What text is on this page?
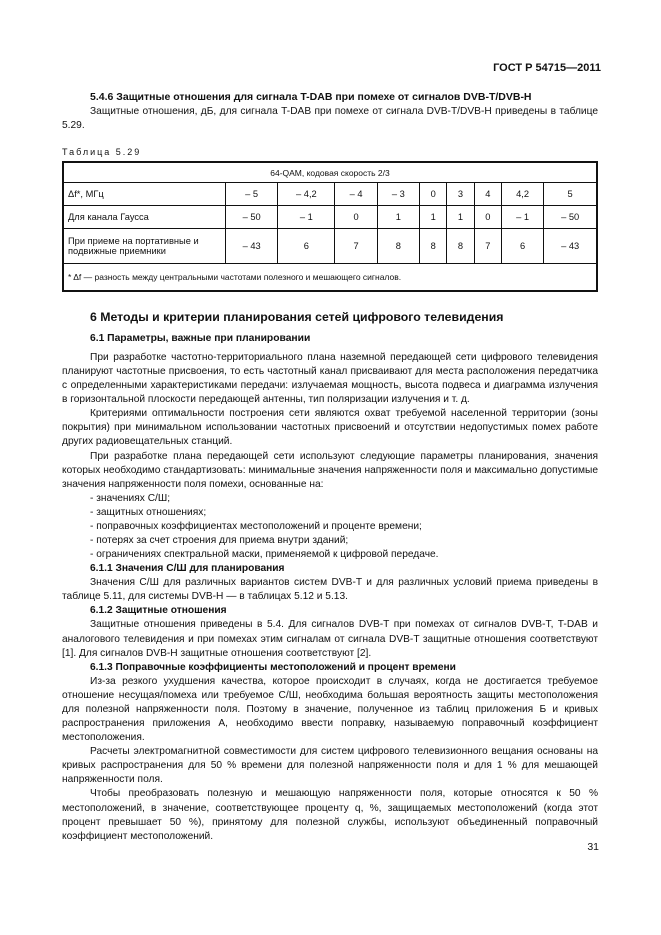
ГОСТ Р 54715—2011
5.4.6 Защитные отношения для сигнала T-DAB при помехе от сигналов DVB-T/DVB-H
Защитные отношения, дБ, для сигнала T-DAB при помехе от сигнала DVB-T/DVB-H приведены в таблице 5.29.
Таблица 5.29
64-QAM, кодовая скорость 2/3									
Δf*, МГц	– 5	– 4,2	– 4	– 3	0	3	4	4,2	5
Для канала Гаусса	– 50	– 1	0	1	1	1	0	– 1	– 50
При приеме на портативные и подвижные приемники	– 43	6	7	8	8	8	7	6	– 43
* Δf — разность между центральными частотами полезного и мешающего сигналов.									
6 Методы и критерии планирования сетей цифрового телевидения
6.1 Параметры, важные при планировании

При разработке частотно-территориального плана наземной передающей сети цифрового телевидения планируют частотные присвоения, то есть частотный канал присваивают для места расположения передатчика с определенными характеристиками передачи: излучаемая мощность, высота подвеса и диаграмма излучения в горизонтальной плоскости передающей антенны, тип поляризации излучения и т. д.

Критериями оптимальности построения сети являются охват требуемой населенной территории (зоны покрытия) при минимальном использовании частотных присвоений и отсутствии недопустимых помех работе других радиовещательных станций.

При разработке плана передающей сети используют следующие параметры планирования, значения которых необходимо стандартизовать: минимальные значения напряженности поля и максимально допустимые значения напряженности поля помехи, основанные на:

- значениях С/Ш;

- защитных отношениях;

- поправочных коэффициентах местоположений и проценте времени;

- потерях за счет строения для приема внутри зданий;

- ограничениях спектральной маски, применяемой к цифровой передаче.

6.1.1 Значения С/Ш для планирования

Значения С/Ш для различных вариантов систем DVB-T и для различных условий приема приведены в таблице 5.11, для системы DVB-H — в таблицах 5.12 и 5.13.

6.1.2 Защитные отношения

Защитные отношения приведены в 5.4. Для сигналов DVB-T при помехах от сигналов DVB-T, T-DAB и аналогового телевидения и при помехах этим сигналам от сигнала DVB-T защитные отношения соответствуют [1]. Для сигналов DVB-H защитные отношения соответствуют [2].

6.1.3 Поправочные коэффициенты местоположений и процент времени

Из-за резкого ухудшения качества, которое происходит в случаях, когда не достигается требуемое отношение несущая/помеха или требуемое С/Ш, необходима большая вероятность защиты местоположения для полезной напряженности поля. Поэтому в значение, полученное из таблиц приложения Б и кривых распространения приложения А, необходимо ввести поправку, называемую поправочный коэффициент местоположения.

Расчеты электромагнитной совместимости для систем цифрового телевизионного вещания основаны на кривых распространения для 50 % времени для полезной напряженности поля и для 1 % для мешающей напряженности поля.

Чтобы преобразовать полезную и мешающую напряженности поля, которые относятся к 50 % местоположений, в значение, соответствующее проценту q, %, защищаемых местоположений (когда этот процент превышает 50 %), принятому для полезной службы, используют объединенный поправочный коэффициент местоположений.

31
